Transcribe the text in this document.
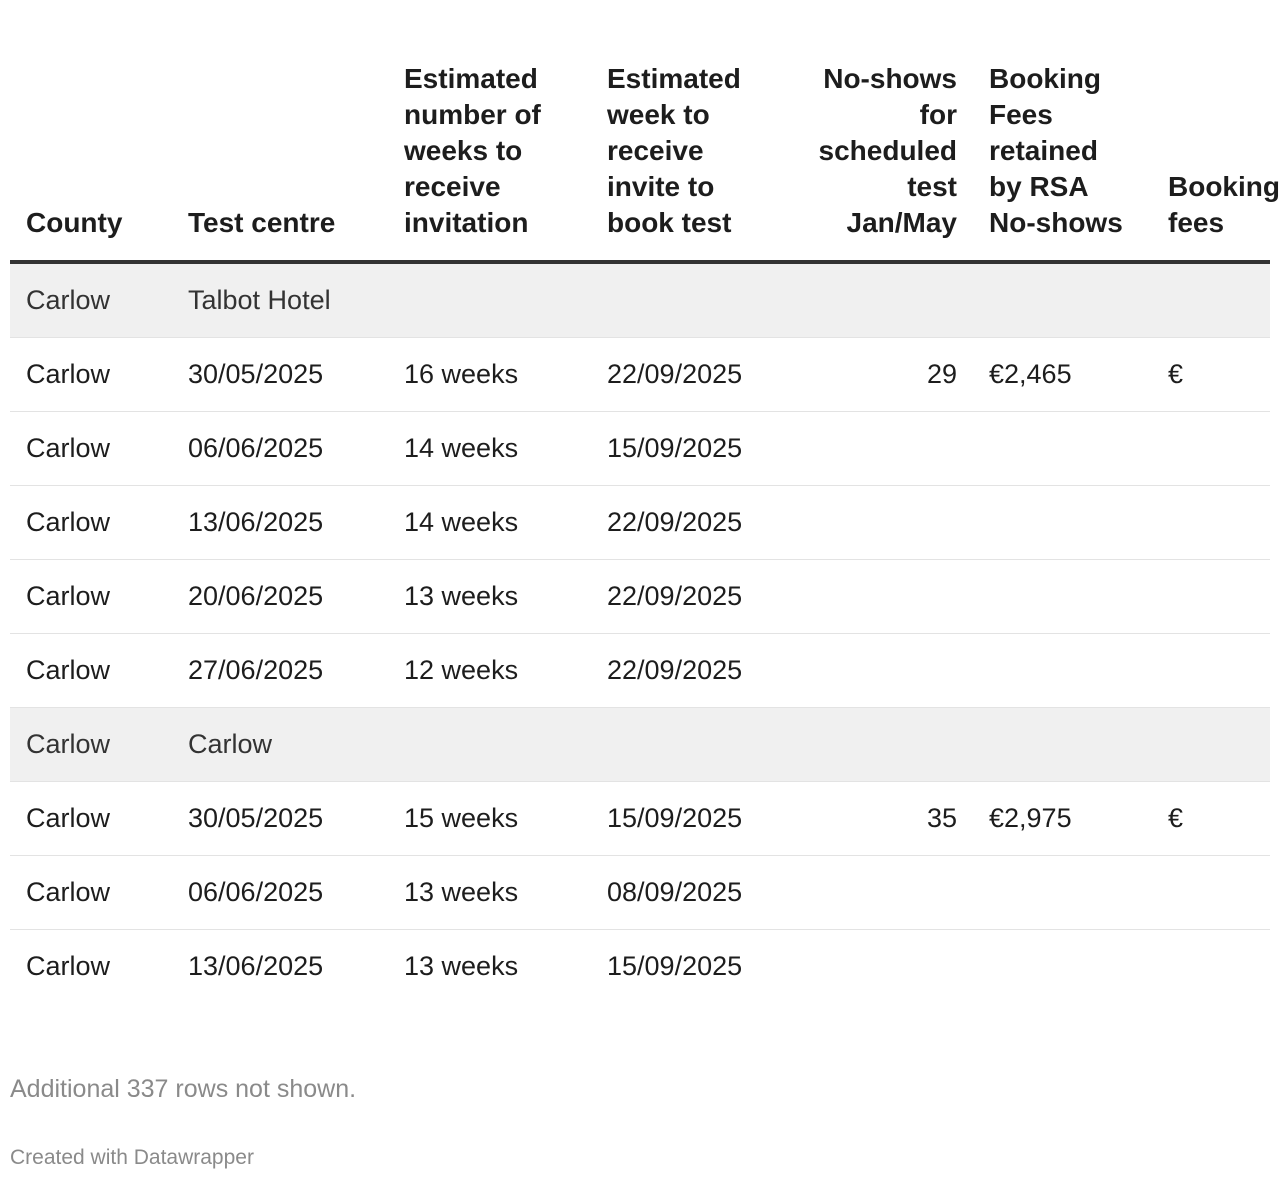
County	Test centre	Estimated number of weeks to receive invitation	Estimated week to receive invite to book test	No-shows for scheduled test Jan/May	Booking Fees retained by RSA No-shows	Booking fees
Carlow	Talbot Hotel					
Carlow	30/05/2025	16 weeks	22/09/2025	29	€2,465	€
Carlow	06/06/2025	14 weeks	15/09/2025			
Carlow	13/06/2025	14 weeks	22/09/2025			
Carlow	20/06/2025	13 weeks	22/09/2025			
Carlow	27/06/2025	12 weeks	22/09/2025			
Carlow	Carlow					
Carlow	30/05/2025	15 weeks	15/09/2025	35	€2,975	€
Carlow	06/06/2025	13 weeks	08/09/2025			
Carlow	13/06/2025	13 weeks	15/09/2025			
Additional 337 rows not shown.
Created with Datawrapper
